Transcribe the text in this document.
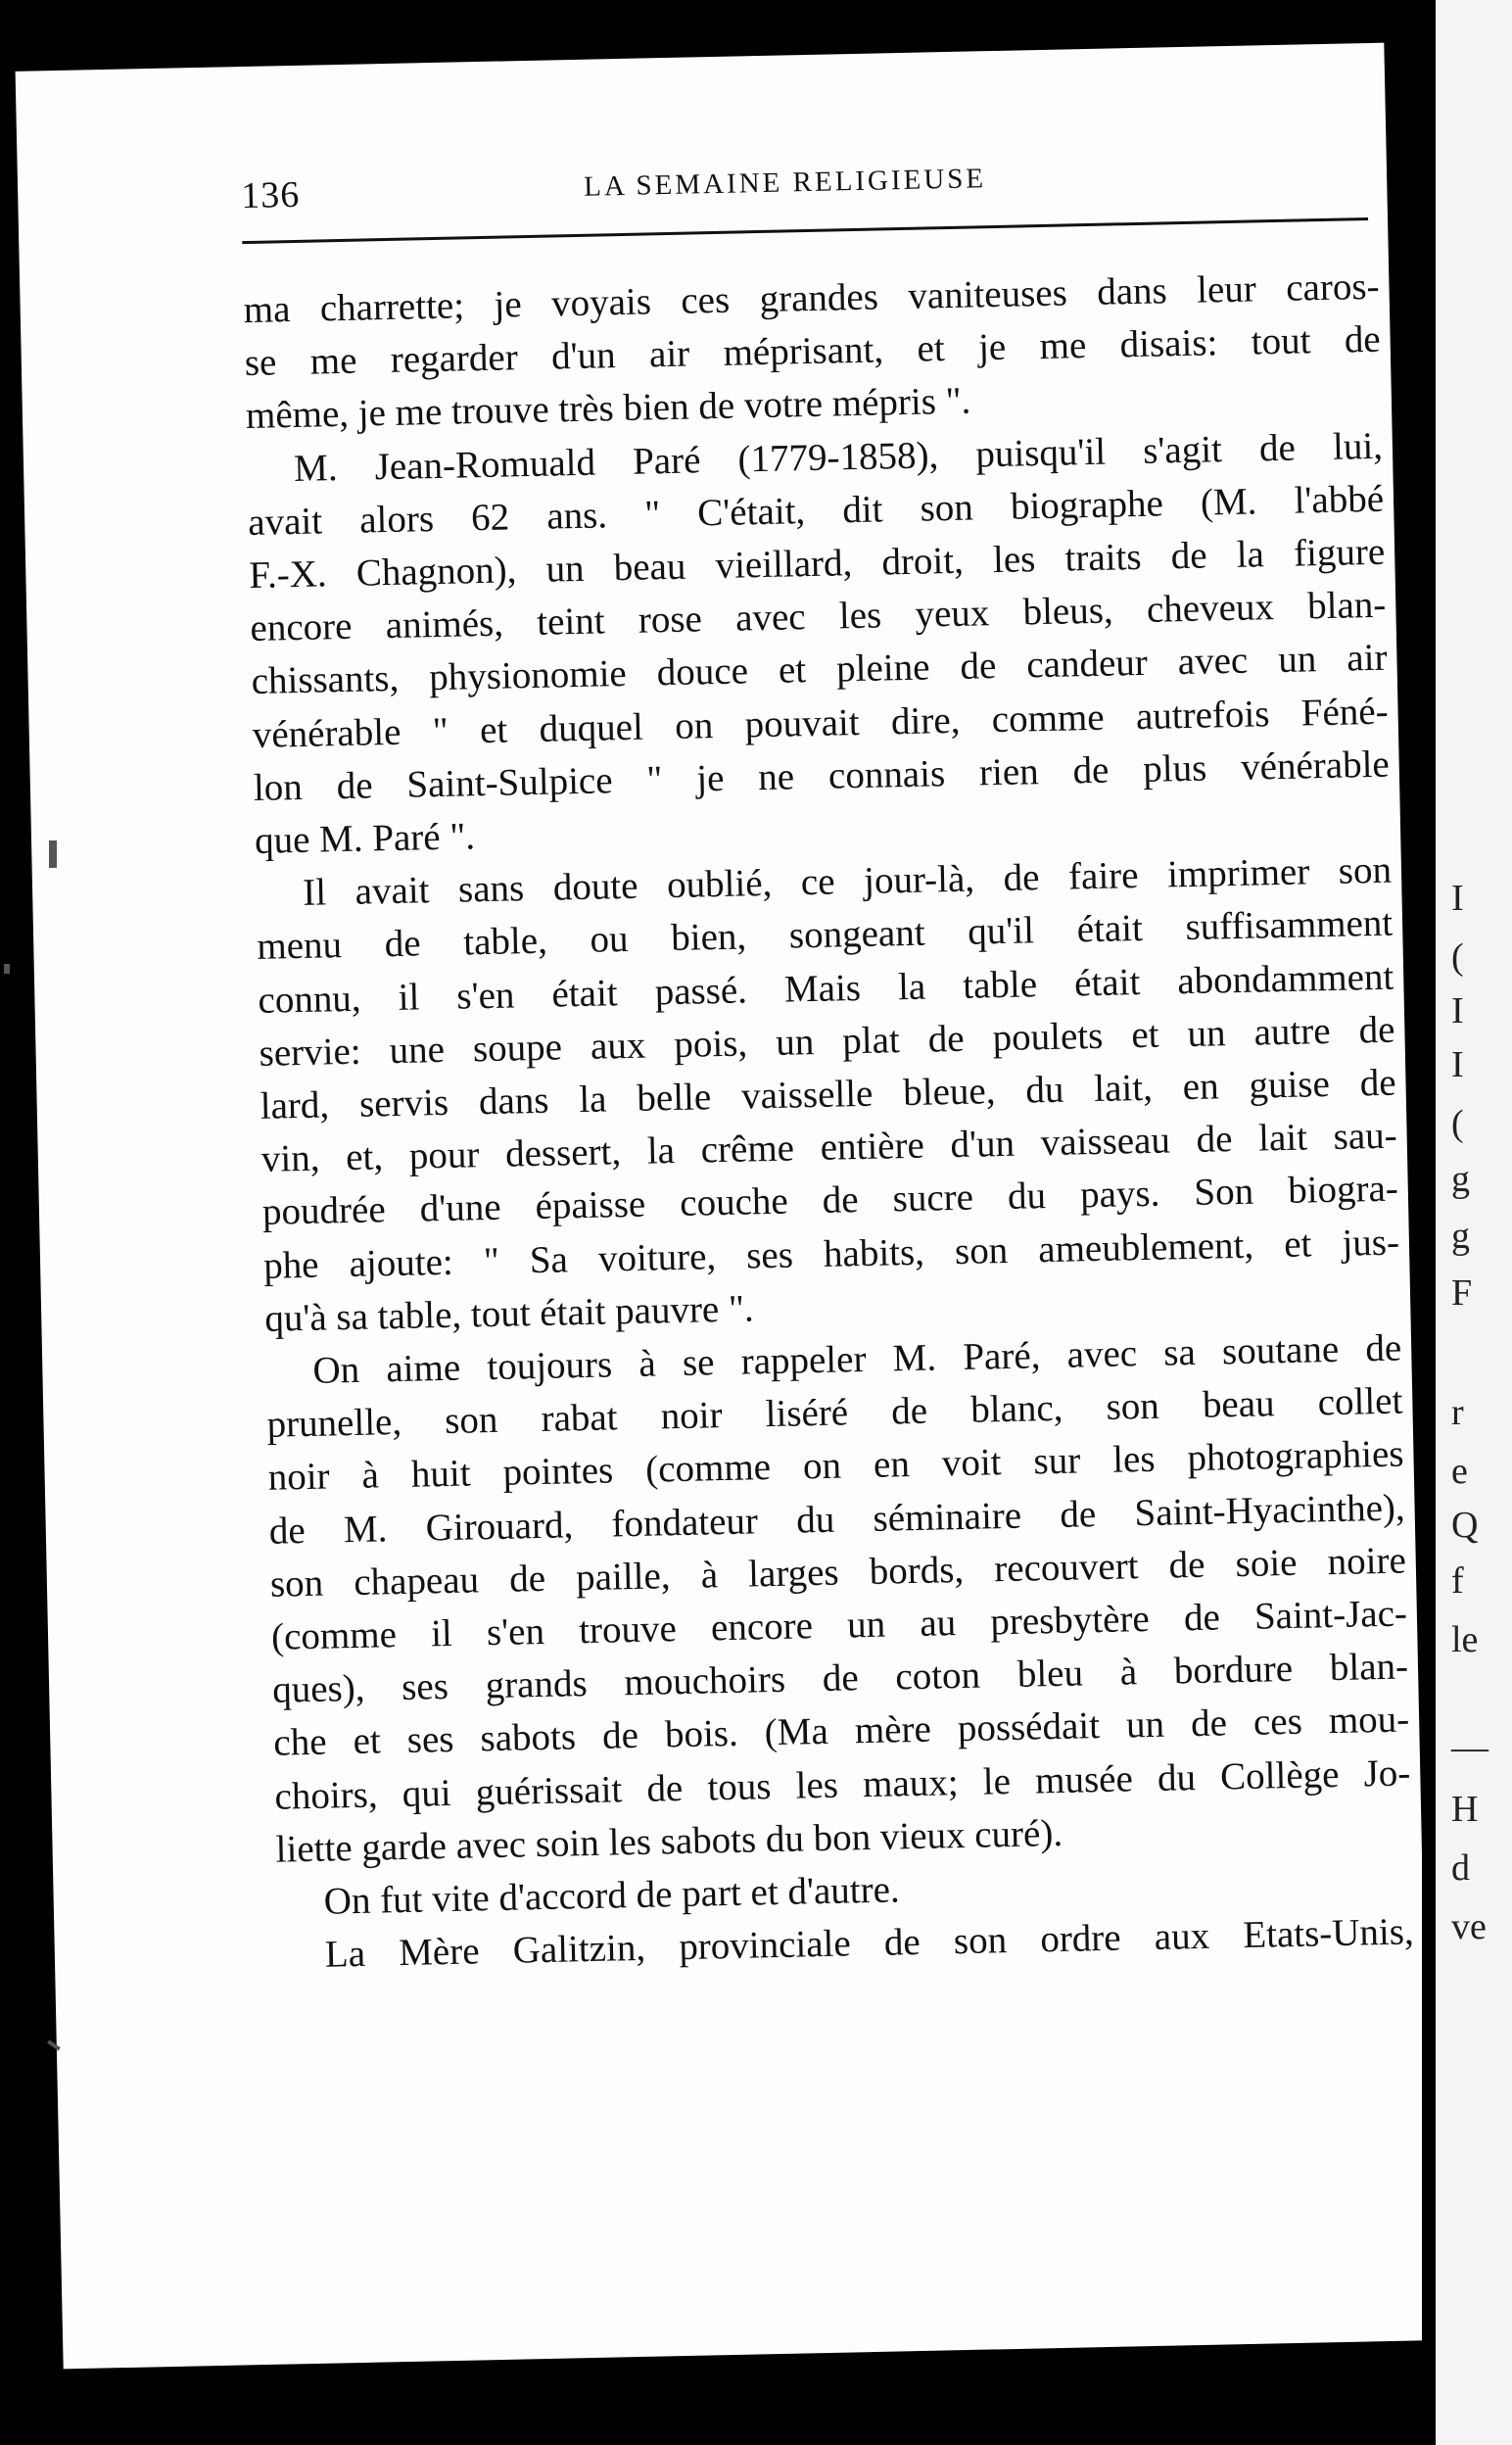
136	LA SEMAINE RELIGIEUSE
ma charrette; je voyais ces grandes vaniteuses dans leur caros-
se me regarder d'un air méprisant, et je me disais: tout de
même, je me trouve très bien de votre mépris ".
M. Jean-Romuald Paré (1779-1858), puisqu'il s'agit de lui,
avait alors 62 ans. " C'était, dit son biographe (M. l'abbé
F.-X. Chagnon), un beau vieillard, droit, les traits de la figure
encore animés, teint rose avec les yeux bleus, cheveux blan-
chissants, physionomie douce et pleine de candeur avec un air
vénérable " et duquel on pouvait dire, comme autrefois Féné-
lon de Saint-Sulpice " je ne connais rien de plus vénérable
que M. Paré ".
Il avait sans doute oublié, ce jour-là, de faire imprimer son
menu de table, ou bien, songeant qu'il était suffisamment
connu, il s'en était passé. Mais la table était abondamment
servie: une soupe aux pois, un plat de poulets et un autre de
lard, servis dans la belle vaisselle bleue, du lait, en guise de
vin, et, pour dessert, la crême entière d'un vaisseau de lait sau-
poudrée d'une épaisse couche de sucre du pays. Son biogra-
phe ajoute: " Sa voiture, ses habits, son ameublement, et jus-
qu'à sa table, tout était pauvre ".
On aime toujours à se rappeler M. Paré, avec sa soutane de
prunelle, son rabat noir liséré de blanc, son beau collet
noir à huit pointes (comme on en voit sur les photographies
de M. Girouard, fondateur du séminaire de Saint-Hyacinthe),
son chapeau de paille, à larges bords, recouvert de soie noire
(comme il s'en trouve encore un au presbytère de Saint-Jac-
ques), ses grands mouchoirs de coton bleu à bordure blan-
che et ses sabots de bois. (Ma mère possédait un de ces mou-
choirs, qui guérissait de tous les maux; le musée du Collège Jo-
liette garde avec soin les sabots du bon vieux curé).
On fut vite d'accord de part et d'autre.
La Mère Galitzin, provinciale de son ordre aux Etats-Unis,
I
(
I
I
(
g
g
F
r
e
Q
f
le
—
H
d
ve
